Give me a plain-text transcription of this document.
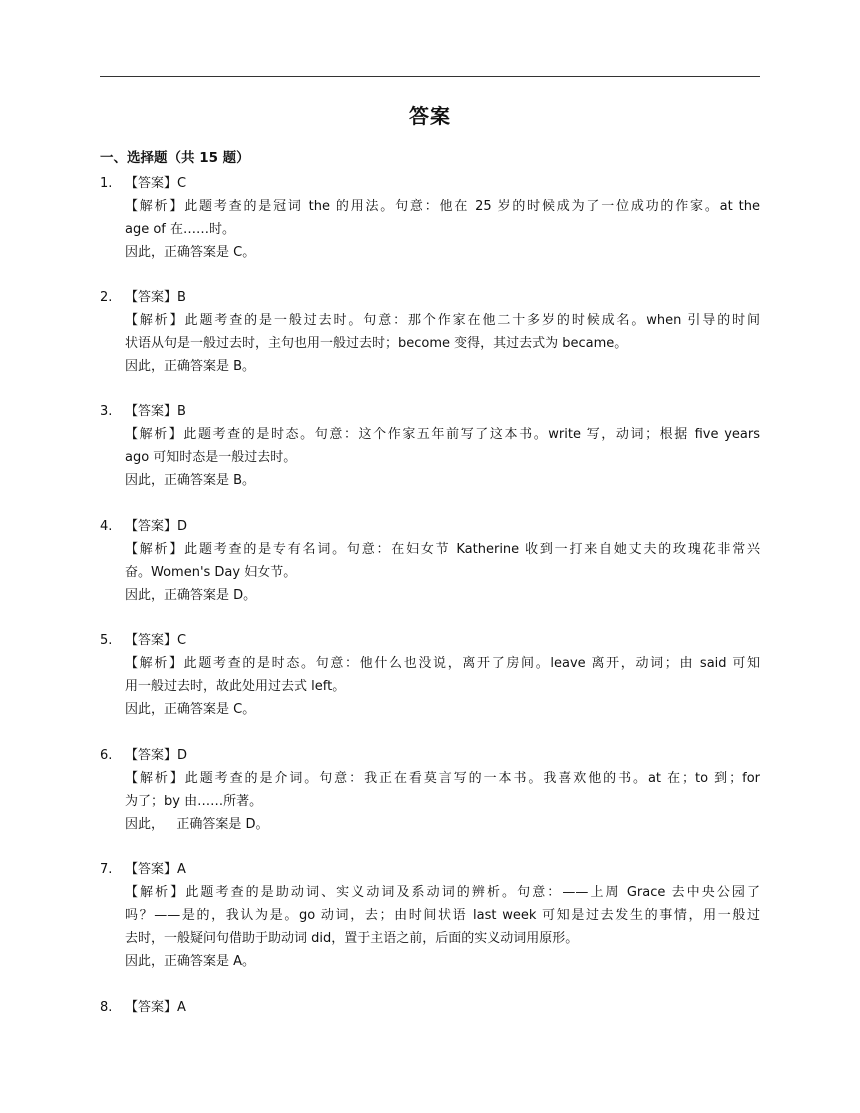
答案
一、选择题（共 15 题）
1. 【答案】C
【解析】此题考查的是冠词 the 的用法。句意：他在 25 岁的时候成为了一位成功的作家。at the
age of 在……时。
因此，正确答案是 C。
2. 【答案】B
【解析】此题考查的是一般过去时。句意：那个作家在他二十多岁的时候成名。when 引导的时间
状语从句是一般过去时，主句也用一般过去时；become 变得，其过去式为 became。
因此，正确答案是 B。
3. 【答案】B
【解析】此题考查的是时态。句意：这个作家五年前写了这本书。write 写，动词；根据 five years
ago 可知时态是一般过去时。
因此，正确答案是 B。
4. 【答案】D
【解析】此题考查的是专有名词。句意：在妇女节 Katherine 收到一打来自她丈夫的玫瑰花非常兴
奋。Women's Day 妇女节。
因此，正确答案是 D。
5. 【答案】C
【解析】此题考查的是时态。句意：他什么也没说，离开了房间。leave 离开，动词；由 said 可知
用一般过去时，故此处用过去式 left。
因此，正确答案是 C。
6. 【答案】D
【解析】此题考查的是介词。句意：我正在看莫言写的一本书。我喜欢他的书。at 在；to 到；for
为了；by 由……所著。
因此，   正确答案是 D。
7. 【答案】A
【解析】此题考查的是助动词、实义动词及系动词的辨析。句意：——上周 Grace 去中央公园了
吗？——是的，我认为是。go 动词，去；由时间状语 last week 可知是过去发生的事情，用一般过
去时，一般疑问句借助于助动词 did，置于主语之前，后面的实义动词用原形。
因此，正确答案是 A。
8. 【答案】A
